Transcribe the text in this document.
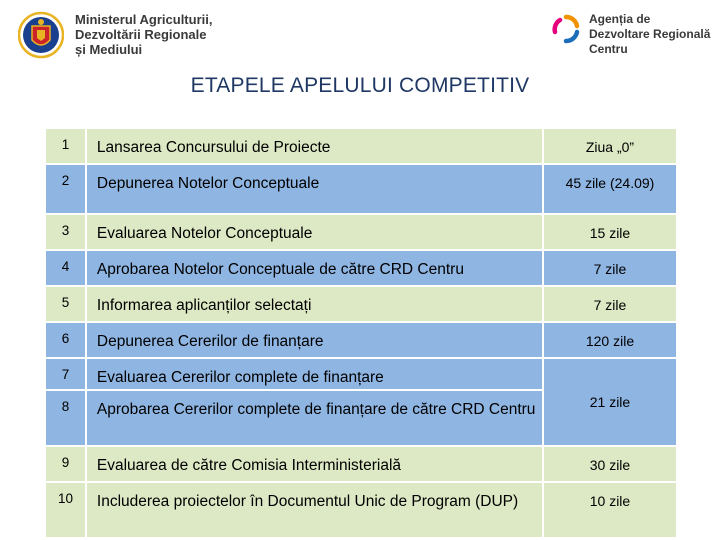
Ministerul Agriculturii,
Dezvoltării Regionale
și Mediului
Agenția de
Dezvoltare Regională
Centru
ETAPELE APELULUI COMPETITIV
1	Lansarea Concursului de Proiecte	Ziua „0”
2	Depunerea Notelor Conceptuale	45 zile (24.09)
3	Evaluarea Notelor Conceptuale	15 zile
4	Aprobarea Notelor Conceptuale de către CRD Centru	7 zile
5	Informarea aplicanților selectați	7 zile
6	Depunerea Cererilor de finanțare	120 zile
7	Evaluarea Cererilor complete de finanțare	21 zile
8	Aprobarea Cererilor complete de finanțare de către CRD Centru	
9	Evaluarea de către Comisia Interministerială	30 zile
10	Includerea proiectelor în Documentul Unic de Program (DUP)	10 zile
